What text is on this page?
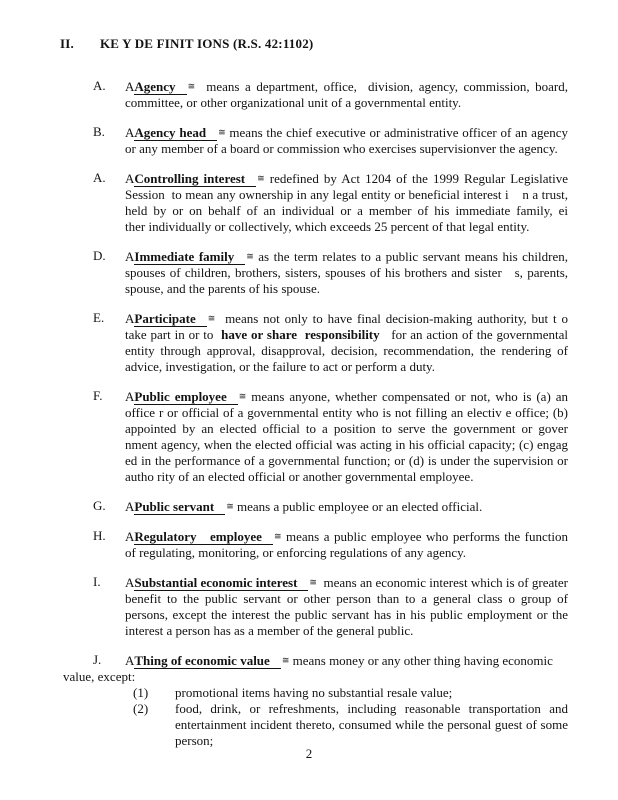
II.	KE Y DE FINIT IONS (R.S. 42:1102)
A.	AAgency ≅  means a department, office,  division, agency, commission, board, committee, or other organizational unit of a governmental entity.
B.	AAgency head ≅ means the chief executive or administrative officer of an agency or any member of a board or commission who exercises supervisionver the agency.
A.	AControlling interest ≅ redefined by Act 1204 of the 1999 Regular Legislative Session  to mean any ownership in any legal entity or beneficial interest i    n a trust, held by or on behalf of an individual or a member of his immediate family, ei          ther individually or collectively, which exceeds 25 percent of that legal entity.
D.	AImmediate family ≅ as the term relates to a public servant means his children, spouses of children, brothers, sisters, spouses of his brothers and sister   s, parents, spouse, and the parents of his spouse.
E.	AParticipate ≅  means not only to have final decision-making authority, but t o take part in or to  have or share  responsibility   for an action of the governmental entity through approval, disapproval, decision, recommendation, the rendering of advice, investigation, or the failure to act or perform a duty.
F.	APublic employee ≅ means anyone, whether compensated or not, who is (a) an office r or official of a governmental entity who is not filling an electiv e office; (b) appointed by an elected official to a position to serve the government or gover    nment agency, when the elected official was acting in his official capacity; (c) engag     ed in the performance of a governmental function; or (d) is under the supervision or autho rity of an elected official or another governmental employee.
G.	APublic servant ≅ means a public employee or an elected official.
H.	ARegulatory   employee ≅ means a public employee who performs the function of regulating, monitoring, or enforcing regulations of any agency.
I.	ASubstantial economic interest ≅  means an economic interest which is of greater benefit to the public servant or other person than to a general class o group of persons, except the interest the public servant has in his public employment or the interest a person has as a member of the general public.
J.	AThing of economic value ≅ means money or any other thing having economic
value, except:
(1)	promotional items having no substantial resale value;
(2)	food, drink, or refreshments, including reasonable transportation and entertainment incident thereto, consumed while the personal guest of some person;
2
